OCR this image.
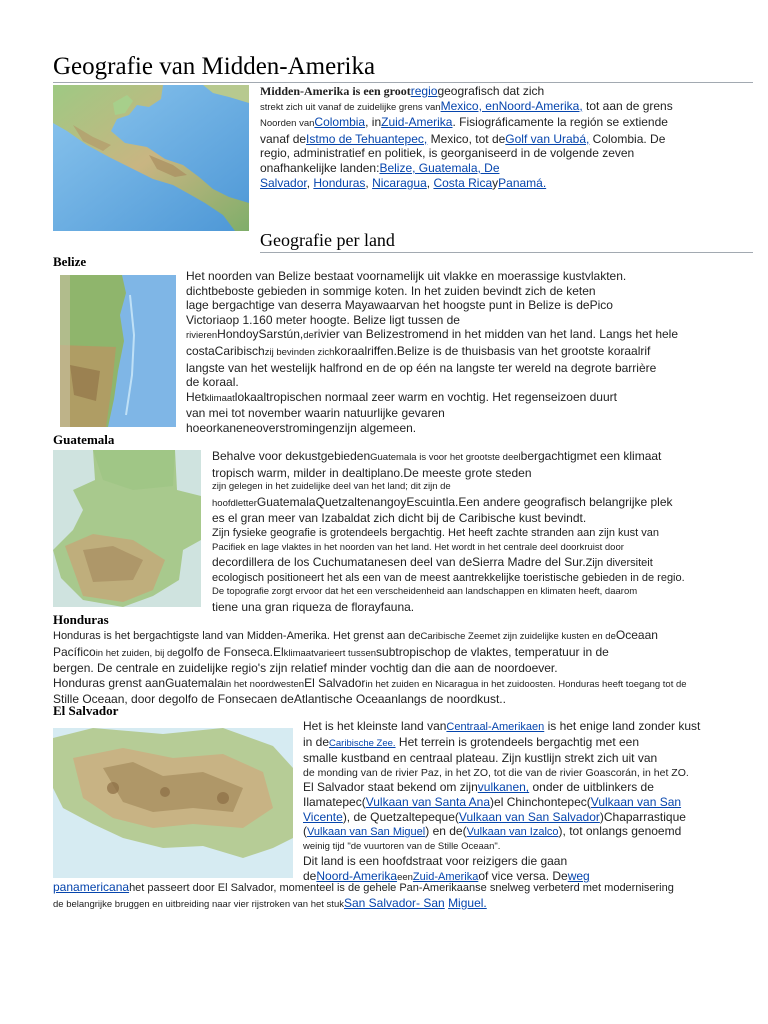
Geografie van Midden-Amerika

Midden-Amerika is een grootregiogeografisch dat zich

strekt zich uit vanaf de zuidelijke grens vanMexico, enNoord-Amerika, tot aan de grens

Noorden vanColombia, inZuid-Amerika. Fisiográficamente la región se extiende

vanaf deIstmo de Tehuantepec, Mexico, tot deGolf van Urabá, Colombia. De

regio, administratief en politiek, is georganiseerd in de volgende zeven

onafhankelijke landen:Belize, Guatemala, De

Salvador, Honduras, Nicaragua, Costa RicayPanamá.

Geografie per land
Belize

Het noorden van Belize bestaat voornamelijk uit vlakke en moerassige kustvlakten.

dichtbeboste gebieden in sommige koten. In het zuiden bevindt zich de keten

lage bergachtige van deserra Mayawaarvan het hoogste punt in Belize is dePico

Victoriaop 1.160 meter hoogte. Belize ligt tussen de

rivierenHondoySarstún,derivier van Belizestromend in het midden van het land. Langs het hele

costaCaribischzij bevinden zichkoraalriffen.Belize is de thuisbasis van het grootste koraalrif

langste van het westelijk halfrond en de op één na langste ter wereld na degrote barrière

de koraal.

Hetklimaatlokaaltropischen normaal zeer warm en vochtig. Het regenseizoen duurt

van mei tot november waarin natuurlijke gevaren

hoeorkaneneoverstromingenzijn algemeen.

Guatemala

Behalve voor dekustgebiedenGuatemala is voor het grootste deelbergachtigmet een klimaat

tropisch warm, milder in dealtiplano.De meeste grote steden

zijn gelegen in het zuidelijke deel van het land; dit zijn de

hoofdletterGuatemalaQuetzaltenangoyEscuintla.Een andere geografisch belangrijke plek

es el gran meer van Izabaldat zich dicht bij de Caribische kust bevindt.

Zijn fysieke geografie is grotendeels bergachtig. Het heeft zachte stranden aan zijn kust van

Pacifiek en lage vlaktes in het noorden van het land. Het wordt in het centrale deel doorkruist door

decordillera de los Cuchumatanesen deel van deSierra Madre del Sur.Zijn diversiteit

ecologisch positioneert het als een van de meest aantrekkelijke toeristische gebieden in de regio.

De topografie zorgt ervoor dat het een verscheidenheid aan landschappen en klimaten heeft, daarom

tiene una gran riqueza de florayfauna.

Honduras

Honduras is het bergachtigste land van Midden-Amerika. Het grenst aan deCaribische Zeemet zijn zuidelijke kusten en deOceaan

Pacíficoin het zuiden, bij degolfo de Fonseca.Elklimaatvarieert tussensubtropischop de vlaktes, temperatuur in de

bergen. De centrale en zuidelijke regio's zijn relatief minder vochtig dan die aan de noordoever.

Honduras grenst aanGuatemalain het noordwestenEl Salvadorin het zuiden en Nicaragua in het zuidoosten. Honduras heeft toegang tot de

Stille Oceaan, door degolfo de Fonsecaen deAtlantische Oceaanlangs de noordkust..

El Salvador

Het is het kleinste land vanCentraal-Amerikaen is het enige land zonder kust

in deCaribische Zee. Het terrein is grotendeels bergachtig met een

smalle kustband en centraal plateau. Zijn kustlijn strekt zich uit van

de monding van de rivier Paz, in het ZO, tot die van de rivier Goascorán, in het ZO.

El Salvador staat bekend om zijnvulkanen, onder de uitblinkers de

Ilamatepec(Vulkaan van Santa Ana)el Chinchontepec(Vulkaan van San

Vicente), de Quetzaltepeque(Vulkaan van San Salvador)Chaparrastique

(Vulkaan van San Miguel) en de(Vulkaan van Izalco), tot onlangs genoemd

weinig tijd "de vuurtoren van de Stille Oceaan".

Dit land is een hoofdstraat voor reizigers die gaan

deNoord-AmerikaeenZuid-Amerikaof vice versa. Deweg

panamericanahet passeert door El Salvador, momenteel is de gehele Pan-Amerikaanse snelweg verbeterd met modernisering

de belangrijke bruggen en uitbreiding naar vier rijstroken van het stukSan Salvador- San Miguel.
